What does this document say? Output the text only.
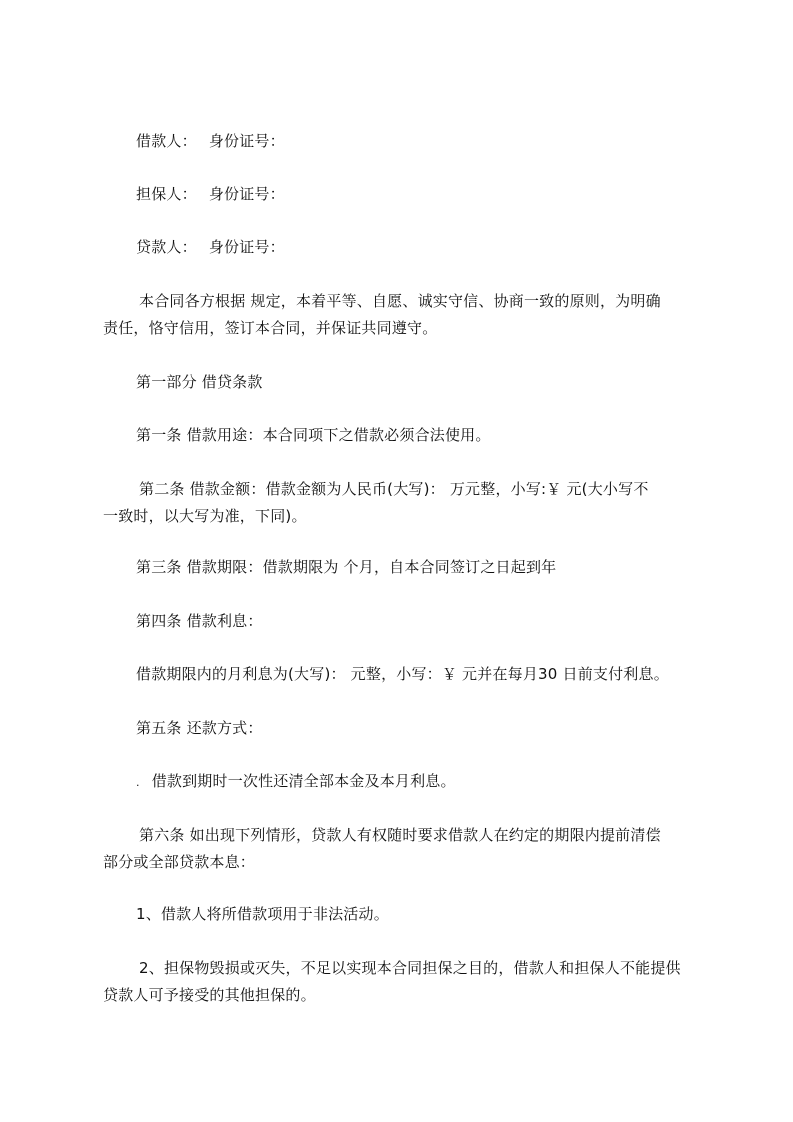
借款人： 身份证号：
担保人： 身份证号：
贷款人： 身份证号：
本合同各方根据 规定，本着平等、自愿、诚实守信、协商一致的原则，为明确
责任，恪守信用，签订本合同，并保证共同遵守。
第一部分 借贷条款
第一条 借款用途：本合同项下之借款必须合法使用。
第二条 借款金额：借款金额为人民币(大写)： 万元整，小写:￥ 元(大小写不
一致时，以大写为准，下同)。
第三条 借款期限：借款期限为 个月，自本合同签订之日起到年
第四条 借款利息：
借款期限内的月利息为(大写)： 元整，小写：￥ 元并在每月30 日前支付利息。
第五条 还款方式：
. 借款到期时一次性还清全部本金及本月利息。
第六条 如出现下列情形，贷款人有权随时要求借款人在约定的期限内提前清偿
部分或全部贷款本息：
1、借款人将所借款项用于非法活动。
2、担保物毁损或灭失，不足以实现本合同担保之目的，借款人和担保人不能提供
贷款人可予接受的其他担保的。
